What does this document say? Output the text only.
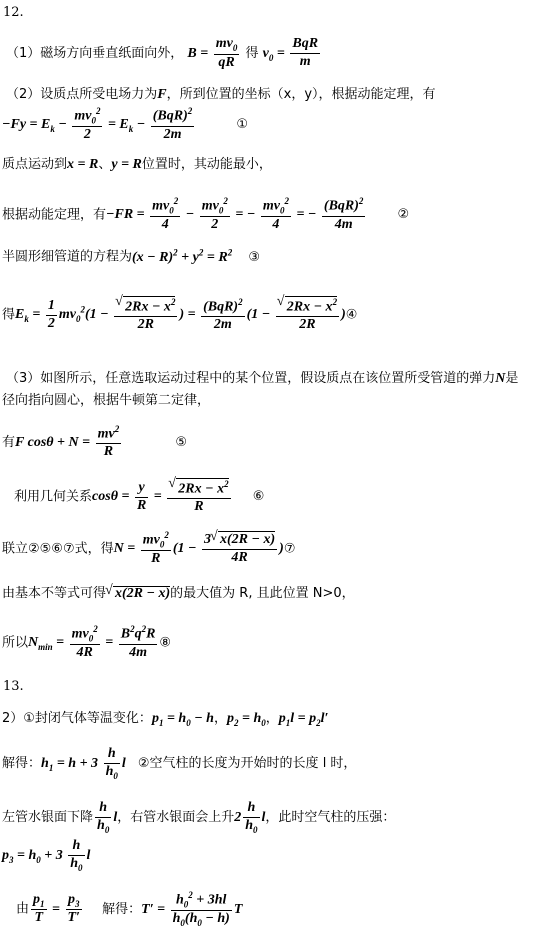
12.
（1）磁场方向垂直纸面向外， $B = \frac{mv_0}{qR}$ 得 $v_0 = \frac{\text{BqR}}{m}$
（2）设质点所受电场力为F，所到位置的坐标（x，y），根据动能定理，有
$-Fy = E_k - \frac{mv_0^2}{2} = E_k - \frac{(BqR)^2}{2m}$	①
质点运动到x = R、y = R位置时，其动能最小，
根据动能定理，有$-FR = \frac{mv_0^2}{4} - \frac{mv_0^2}{2}$ = − $\frac{mv_0^2}{4}$ = − $\frac{(BqR)^2}{4m}$ ②
半圆形细管道的方程为$(x - R)^2 + y^2 = R^2$ ③
得$E_k = \frac{1}{2} mv_0^2(1$ − √ $\frac{2Rx - x^2}{2R}$ ) = $\frac{(BqR)^2}{2m} (1$ − √ $\frac{2Rx - x^2}{2R}$ )④
（3）如图所示，任意选取运动过程中的某个位置，假设质点在该位置所受管道的弹力N是
径向指向圆心，根据牛顿第二定律，
有F $\cos\theta + N = \frac{mv^2}{R}$	⑤
利用几何关系$\cos\theta = \frac{y}{R}$ = √ $\frac{2Rx - x^2}{R}$ ⑥
联立②⑤⑥⑦式，得$N = \frac{mv_0^2}{R} (1 - \frac{3 √ x(2R - x)}{4R}$ )⑦
由基本不等式可得 √ x(2R − x)的最大值为 R, 且此位置 N>0，
所以$N_{min} = \frac{mv_0^2}{4R} = \frac{B^2q^2R}{4m}$ ⑧
13.
2）①封闭气体等温变化：$p_1 = h_0 - h$，$p_2 = h_0$，$p_1l = p_2l'$
解得：$h_1 = h + 3 \frac{h}{h_0}$ l ②空气柱的长度为开始时的长度 l 时，
左管水银面下降 $\frac{h}{h_0}$ l，右管水银面会上升$2 \frac{h}{h_0}$ l，此时空气柱的压强：
$p_3 = h_0 + 3 \frac{h}{h_0}$ l
由 $\frac{p_1}{T} = \frac{p_3}{T'}$ 解得：$T' = \frac{h_0^2 + 3hl}{h_0(h_0 - h)}$ T
